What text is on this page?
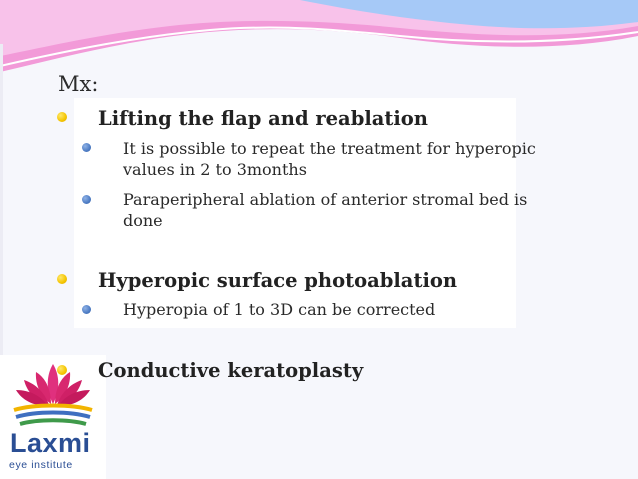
Mx:
Lifting the flap and reablation
It is possible to repeat the treatment for hyperopic values in 2 to 3months
Paraperipheral ablation of anterior stromal bed is done
Hyperopic surface photoablation
Hyperopia of 1 to 3D can be corrected
Conductive keratoplasty
Laxmi
eye institute
